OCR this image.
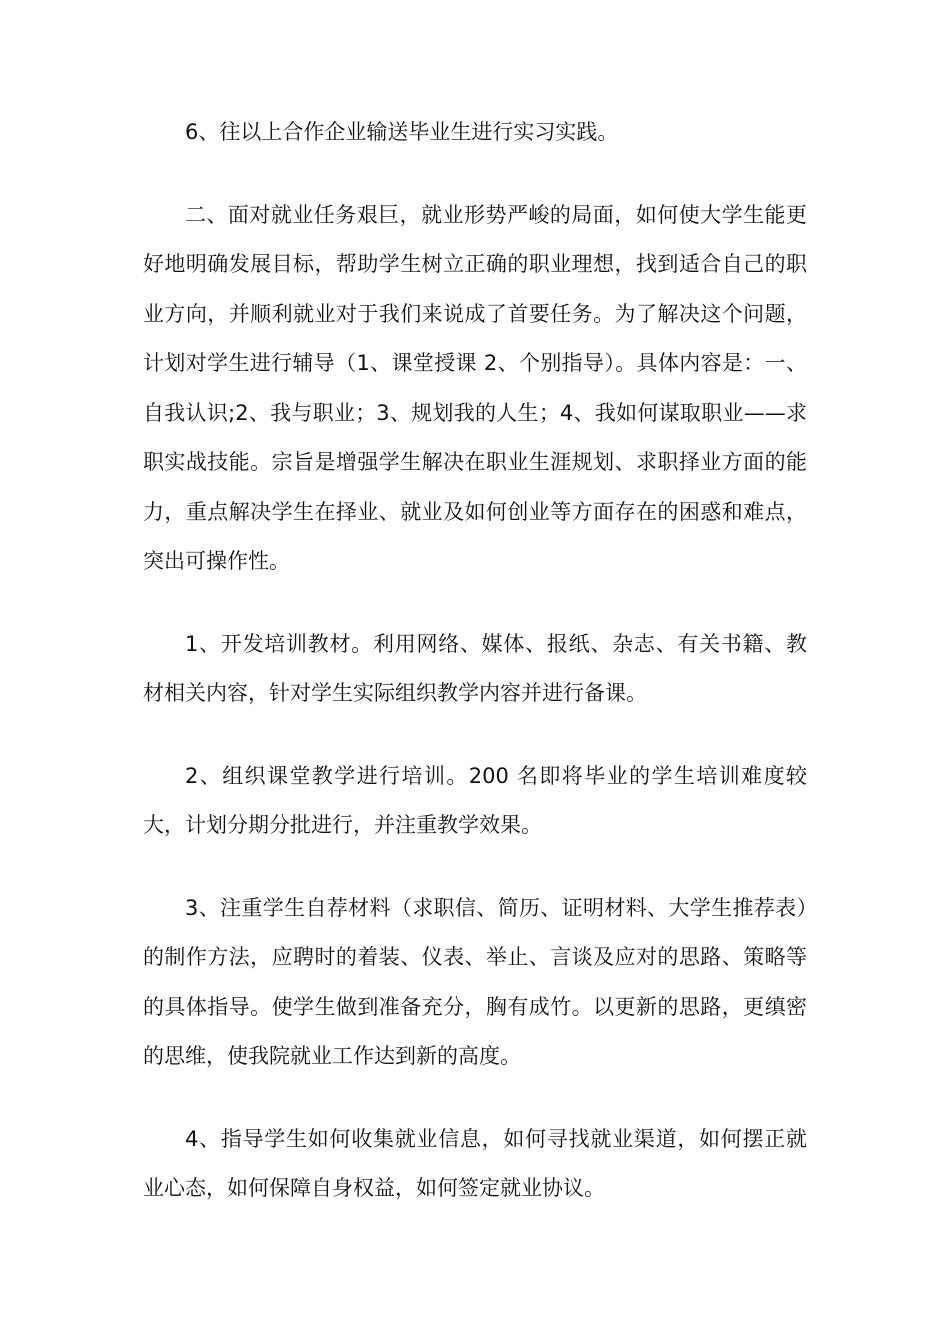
6、往以上合作企业输送毕业生进行实习实践。

二、面对就业任务艰巨，就业形势严峻的局面，如何使大学生能更好地明确发展目标，帮助学生树立正确的职业理想，找到适合自己的职业方向，并顺利就业对于我们来说成了首要任务。为了解决这个问题，计划对学生进行辅导（1、课堂授课 2、个别指导）。具体内容是：一、自我认识;2、我与职业；3、规划我的人生；4、我如何谋取职业——求职实战技能。宗旨是增强学生解决在职业生涯规划、求职择业方面的能力，重点解决学生在择业、就业及如何创业等方面存在的困惑和难点，突出可操作性。

1、开发培训教材。利用网络、媒体、报纸、杂志、有关书籍、教材相关内容，针对学生实际组织教学内容并进行备课。

2、组织课堂教学进行培训。200 名即将毕业的学生培训难度较大，计划分期分批进行，并注重教学效果。

3、注重学生自荐材料（求职信、简历、证明材料、大学生推荐表）的制作方法，应聘时的着装、仪表、举止、言谈及应对的思路、策略等的具体指导。使学生做到准备充分，胸有成竹。以更新的思路，更缜密的思维，使我院就业工作达到新的高度。

4、指导学生如何收集就业信息，如何寻找就业渠道，如何摆正就业心态，如何保障自身权益，如何签定就业协议。
